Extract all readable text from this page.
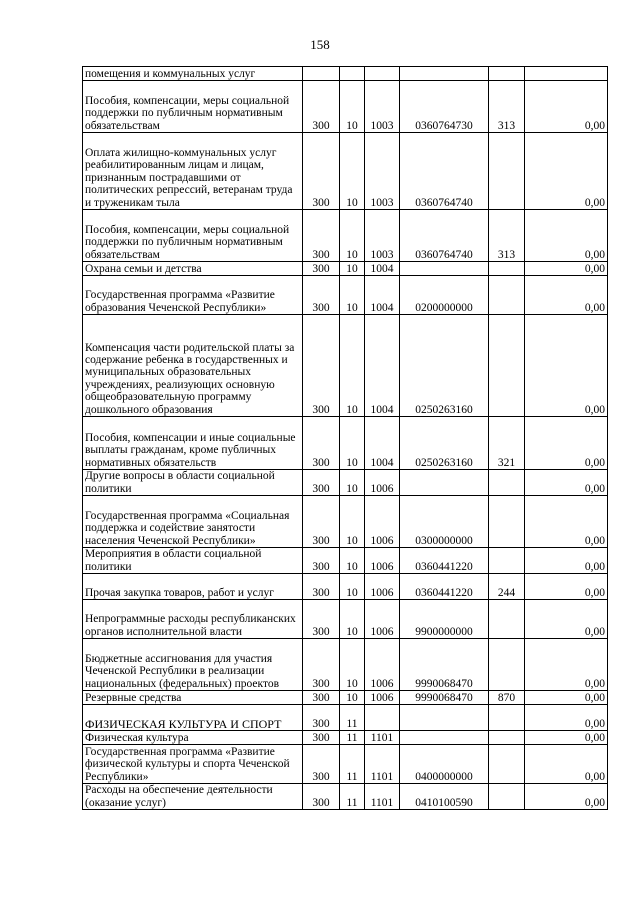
158
помещения и коммунальных услуг						

Пособия, компенсации, меры социальной поддержки по публичным нормативным обязательствам	300	10	1003	0360764730	313	0,00

Оплата жилищно-коммунальных услуг реабилитированным лицам и лицам, признанным пострадавшими от политических репрессий, ветеранам труда и труженикам тыла	300	10	1003	0360764740		0,00

Пособия, компенсации, меры социальной поддержки по публичным нормативным обязательствам	300	10	1003	0360764740	313	0,00

Охрана семьи и детства	300	10	1004			0,00

Государственная программа «Развитие образования Чеченской Республики»	300	10	1004	0200000000		0,00

Компенсация части родительской платы за содержание ребенка в государственных и муниципальных образовательных учреждениях, реализующих основную общеобразовательную программу дошкольного образования	300	10	1004	0250263160		0,00

Пособия, компенсации и иные социальные выплаты гражданам, кроме публичных нормативных обязательств	300	10	1004	0250263160	321	0,00

Другие вопросы в области социальной политики	300	10	1006			0,00

Государственная программа «Социальная поддержка и содействие занятости населения Чеченской Республики»	300	10	1006	0300000000		0,00

Мероприятия в области социальной политики	300	10	1006	0360441220		0,00

Прочая закупка товаров, работ и услуг	300	10	1006	0360441220	244	0,00

Непрограммные расходы республиканских органов исполнительной власти	300	10	1006	9900000000		0,00

Бюджетные ассигнования для участия Чеченской Республики в реализации национальных (федеральных) проектов	300	10	1006	9990068470		0,00

Резервные средства	300	10	1006	9990068470	870	0,00

ФИЗИЧЕСКАЯ КУЛЬТУРА И СПОРТ	300	11				0,00

Физическая культура	300	11	1101			0,00

Государственная программа «Развитие физической культуры и спорта Чеченской Республики»	300	11	1101	0400000000		0,00

Расходы на обеспечение деятельности (оказание услуг)	300	11	1101	0410100590		0,00
